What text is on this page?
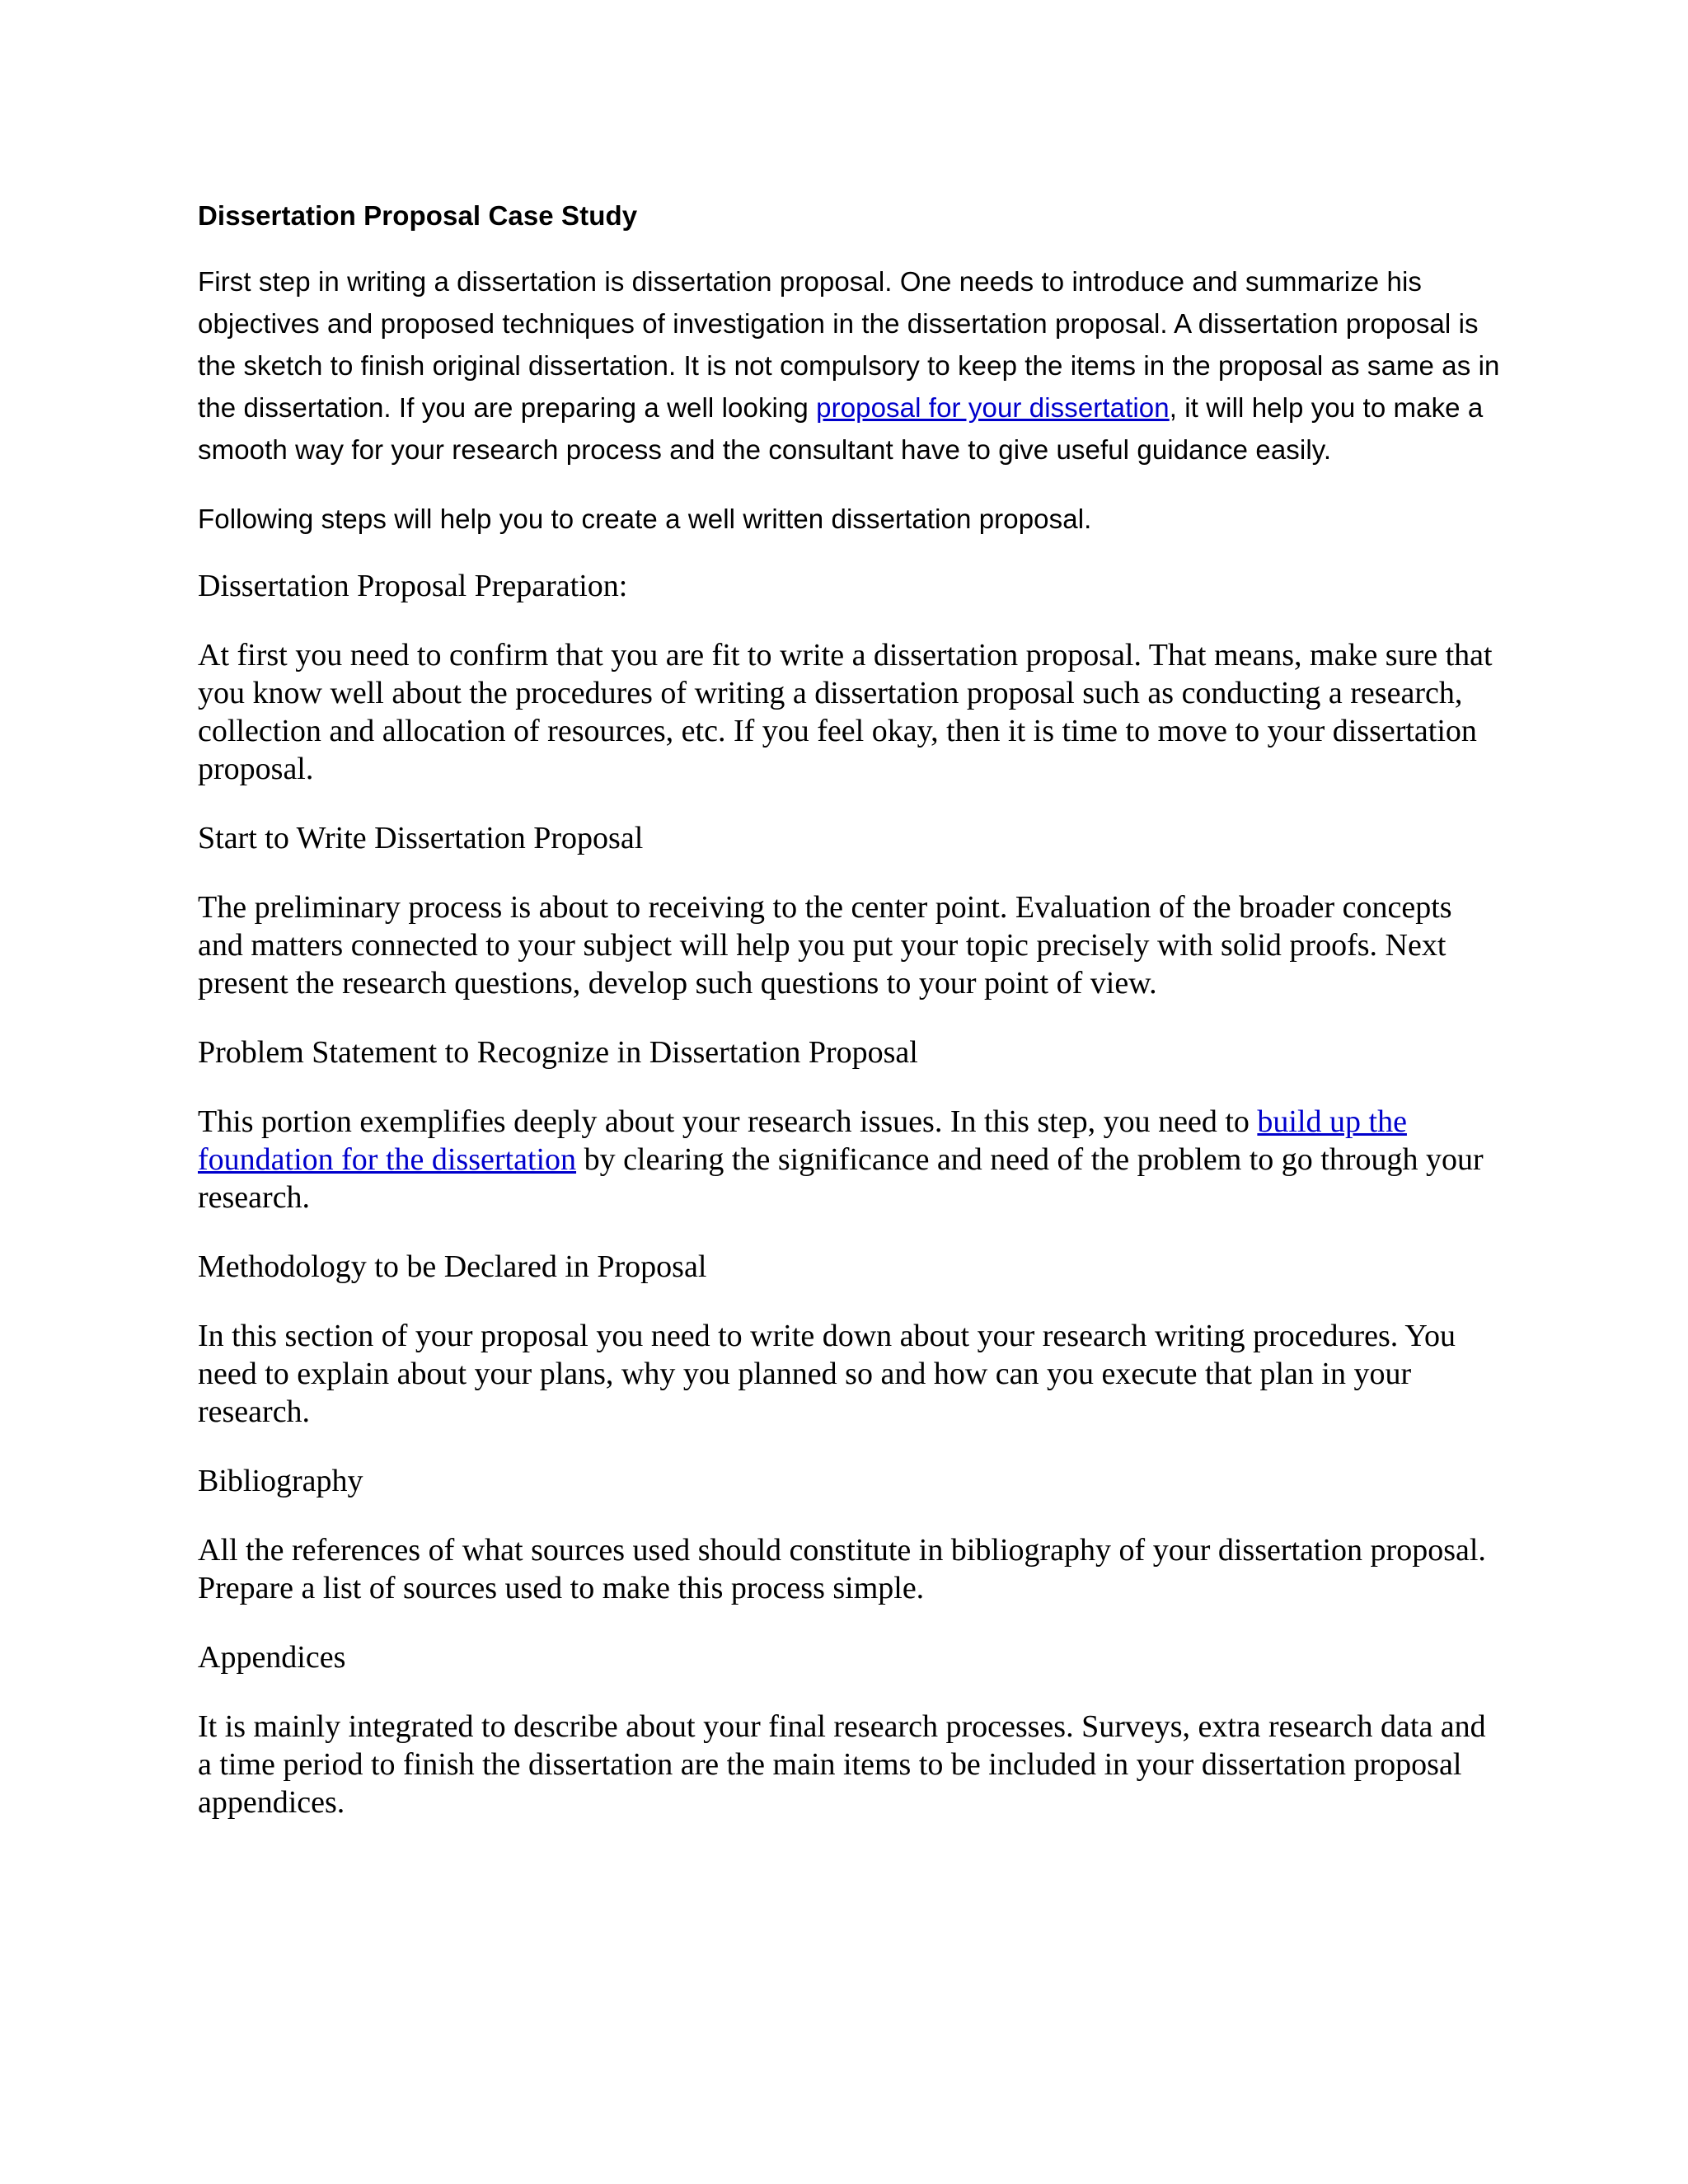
Dissertation Proposal Case Study

First step in writing a dissertation is dissertation proposal. One needs to introduce and summarize his objectives and proposed techniques of investigation in the dissertation proposal. A dissertation proposal is the sketch to finish original dissertation. It is not compulsory to keep the items in the proposal as same as in the dissertation. If you are preparing a well looking proposal for your dissertation, it will help you to make a smooth way for your research process and the consultant have to give useful guidance easily.

Following steps will help you to create a well written dissertation proposal.

Dissertation Proposal Preparation:

At first you need to confirm that you are fit to write a dissertation proposal. That means, make sure that you know well about the procedures of writing a dissertation proposal such as conducting a research, collection and allocation of resources, etc. If you feel okay, then it is time to move to your dissertation proposal.

Start to Write Dissertation Proposal

The preliminary process is about to receiving to the center point. Evaluation of the broader concepts and matters connected to your subject will help you put your topic precisely with solid proofs. Next present the research questions, develop such questions to your point of view.

Problem Statement to Recognize in Dissertation Proposal

This portion exemplifies deeply about your research issues. In this step, you need to build up the foundation for the dissertation by clearing the significance and need of the problem to go through your research.

Methodology to be Declared in Proposal

In this section of your proposal you need to write down about your research writing procedures. You need to explain about your plans, why you planned so and how can you execute that plan in your research.

Bibliography

All the references of what sources used should constitute in bibliography of your dissertation proposal. Prepare a list of sources used to make this process simple.

Appendices

It is mainly integrated to describe about your final research processes. Surveys, extra research data and a time period to finish the dissertation are the main items to be included in your dissertation proposal appendices.
